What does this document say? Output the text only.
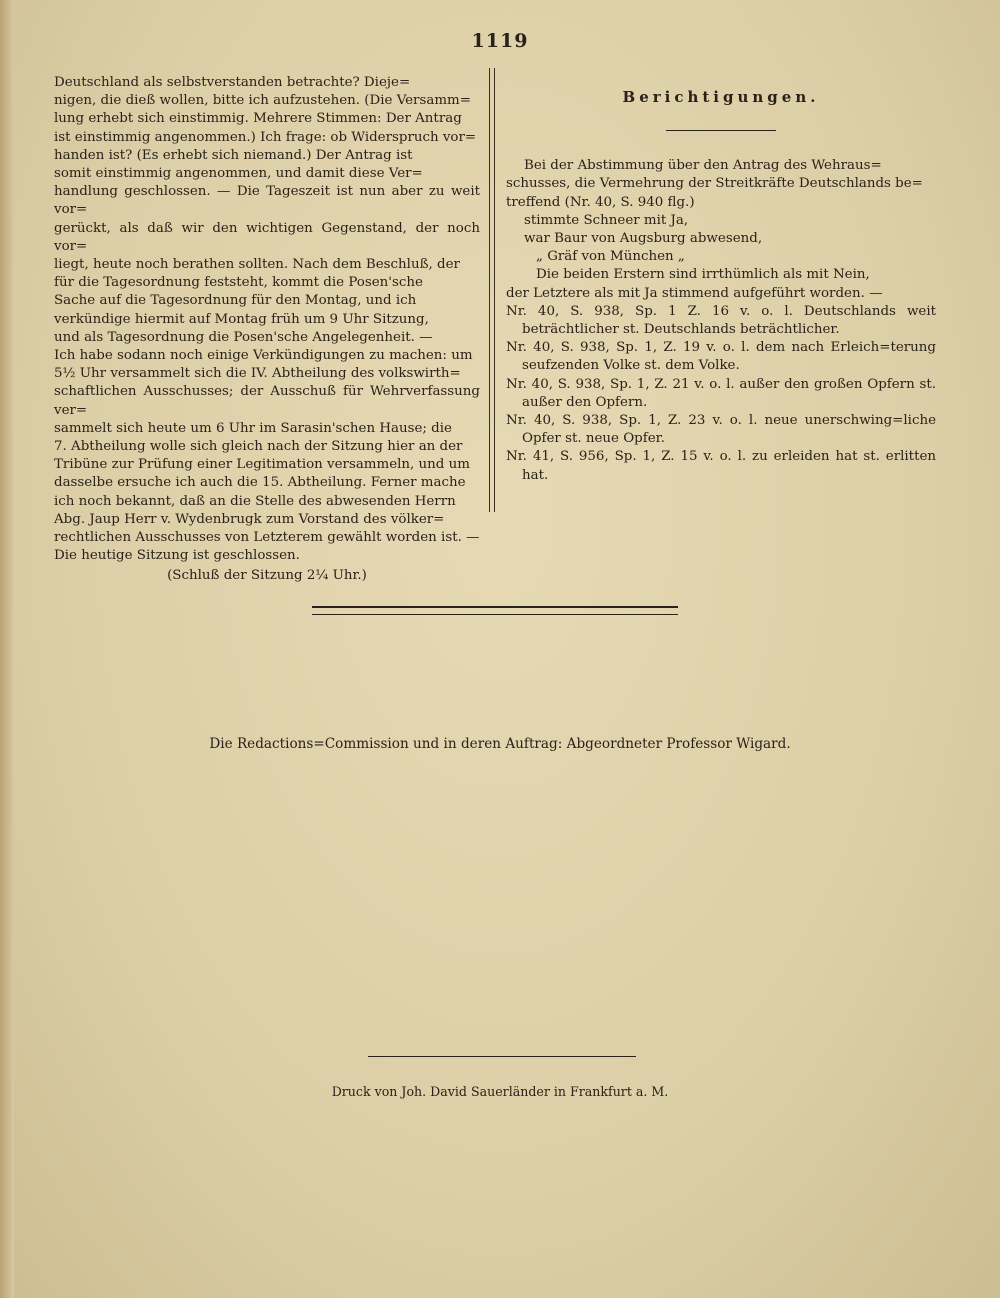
1119

Deutschland als selbstverstanden betrachte? Dieje=

nigen, die dieß wollen, bitte ich aufzustehen. (Die Versamm=

lung erhebt sich einstimmig. Mehrere Stimmen: Der Antrag

ist einstimmig angenommen.) Ich frage: ob Widerspruch vor=

handen ist? (Es erhebt sich niemand.) Der Antrag ist

somit einstimmig angenommen, und damit diese Ver=

handlung geschlossen. — Die Tageszeit ist nun aber zu weit vor=

gerückt, als daß wir den wichtigen Gegenstand, der noch vor=

liegt, heute noch berathen sollten. Nach dem Beschluß, der

für die Tagesordnung feststeht, kommt die Posen'sche

Sache auf die Tagesordnung für den Montag, und ich

verkündige hiermit auf Montag früh um 9 Uhr Sitzung,

und als Tagesordnung die Posen'sche Angelegenheit. —

Ich habe sodann noch einige Verkündigungen zu machen: um

5½ Uhr versammelt sich die IV. Abtheilung des volkswirth=

schaftlichen Ausschusses; der Ausschuß für Wehrverfassung ver=

sammelt sich heute um 6 Uhr im Sarasin'schen Hause; die

7. Abtheilung wolle sich gleich nach der Sitzung hier an der

Tribüne zur Prüfung einer Legitimation versammeln, und um

dasselbe ersuche ich auch die 15. Abtheilung. Ferner mache

ich noch bekannt, daß an die Stelle des abwesenden Herrn

Abg. Jaup Herr v. Wydenbrugk zum Vorstand des völker=

rechtlichen Ausschusses von Letzterem gewählt worden ist. —

Die heutige Sitzung ist geschlossen.

(Schluß der Sitzung 2¼ Uhr.)

Berichtigungen.

Bei der Abstimmung über den Antrag des Wehraus=

schusses, die Vermehrung der Streitkräfte Deutschlands be=

treffend (Nr. 40, S. 940 flg.)

stimmte Schneer mit Ja,

war Baur von Augsburg abwesend,

„ Gräf von München „

Die beiden Erstern sind irrthümlich als mit Nein,

der Letztere als mit Ja stimmend aufgeführt worden. —

Nr. 40, S. 938, Sp. 1 Z. 16 v. o. l. Deutschlands weit beträchtlicher st. Deutschlands beträchtlicher.

Nr. 40, S. 938, Sp. 1, Z. 19 v. o. l. dem nach Erleich=terung seufzenden Volke st. dem Volke.

Nr. 40, S. 938, Sp. 1, Z. 21 v. o. l. außer den großen Opfern st. außer den Opfern.

Nr. 40, S. 938, Sp. 1, Z. 23 v. o. l. neue unerschwing=liche Opfer st. neue Opfer.

Nr. 41, S. 956, Sp. 1, Z. 15 v. o. l. zu erleiden hat st. erlitten hat.

Die Redactions=Commission und in deren Auftrag: Abgeordneter Professor Wigard.
Druck von Joh. David Sauerländer in Frankfurt a. M.
